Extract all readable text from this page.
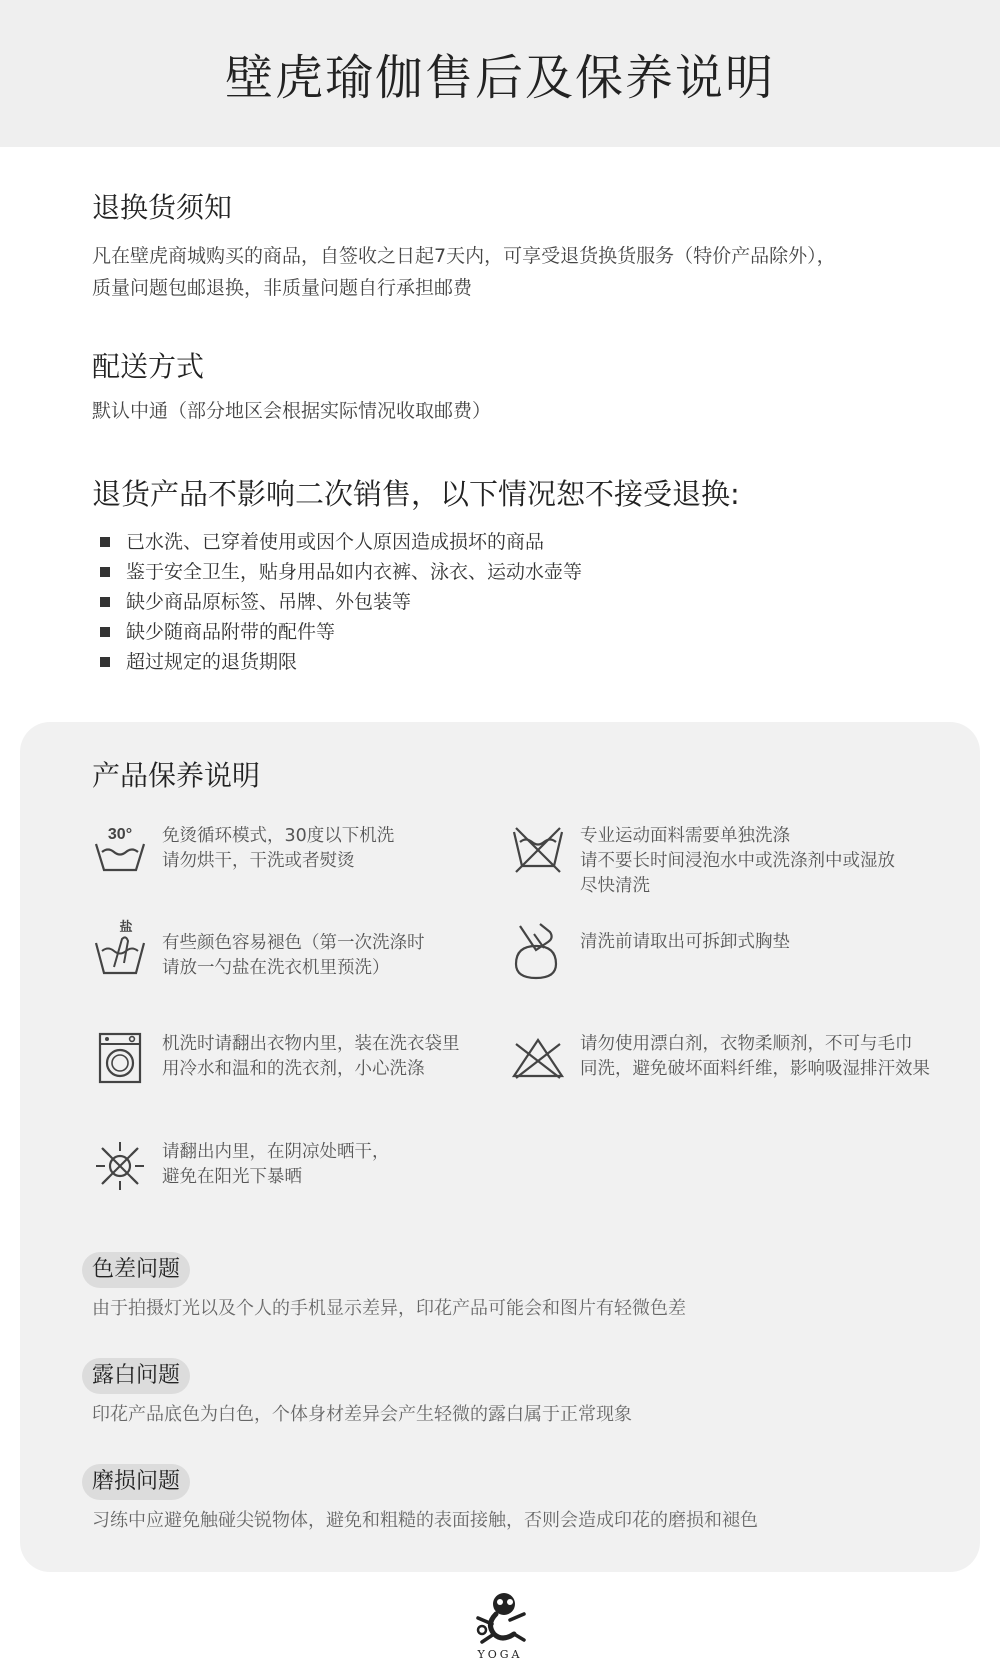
壁虎瑜伽售后及保养说明
退换货须知

凡在壁虎商城购买的商品，自签收之日起7天内，可享受退货换货服务（特价产品除外），

质量问题包邮退换，非质量问题自行承担邮费

配送方式

默认中通（部分地区会根据实际情况收取邮费）

退货产品不影响二次销售，以下情况恕不接受退换:
已水洗、已穿着使用或因个人原因造成损坏的商品
鉴于安全卫生，贴身用品如内衣裤、泳衣、运动水壶等
缺少商品原标签、吊牌、外包装等
缺少随商品附带的配件等
超过规定的退货期限
产品保养说明
30° 免烫循环模式，30度以下机洗
请勿烘干，干洗或者熨烫
专业运动面料需要单独洗涤
请不要长时间浸泡水中或洗涤剂中或湿放
尽快清洗
盐
有些颜色容易褪色（第一次洗涤时
请放一勺盐在洗衣机里预洗）
清洗前请取出可拆卸式胸垫
机洗时请翻出衣物内里，装在洗衣袋里
用冷水和温和的洗衣剂，小心洗涤
请勿使用漂白剂，衣物柔顺剂，不可与毛巾
同洗，避免破坏面料纤维，影响吸湿排汗效果
请翻出内里，在阴凉处晒干，
避免在阳光下暴晒
色差问题
由于拍摄灯光以及个人的手机显示差异，印花产品可能会和图片有轻微色差
露白问题
印花产品底色为白色，个体身材差异会产生轻微的露白属于正常现象
磨损问题
习练中应避免触碰尖锐物体，避免和粗糙的表面接触，否则会造成印花的磨损和褪色
YOGA
